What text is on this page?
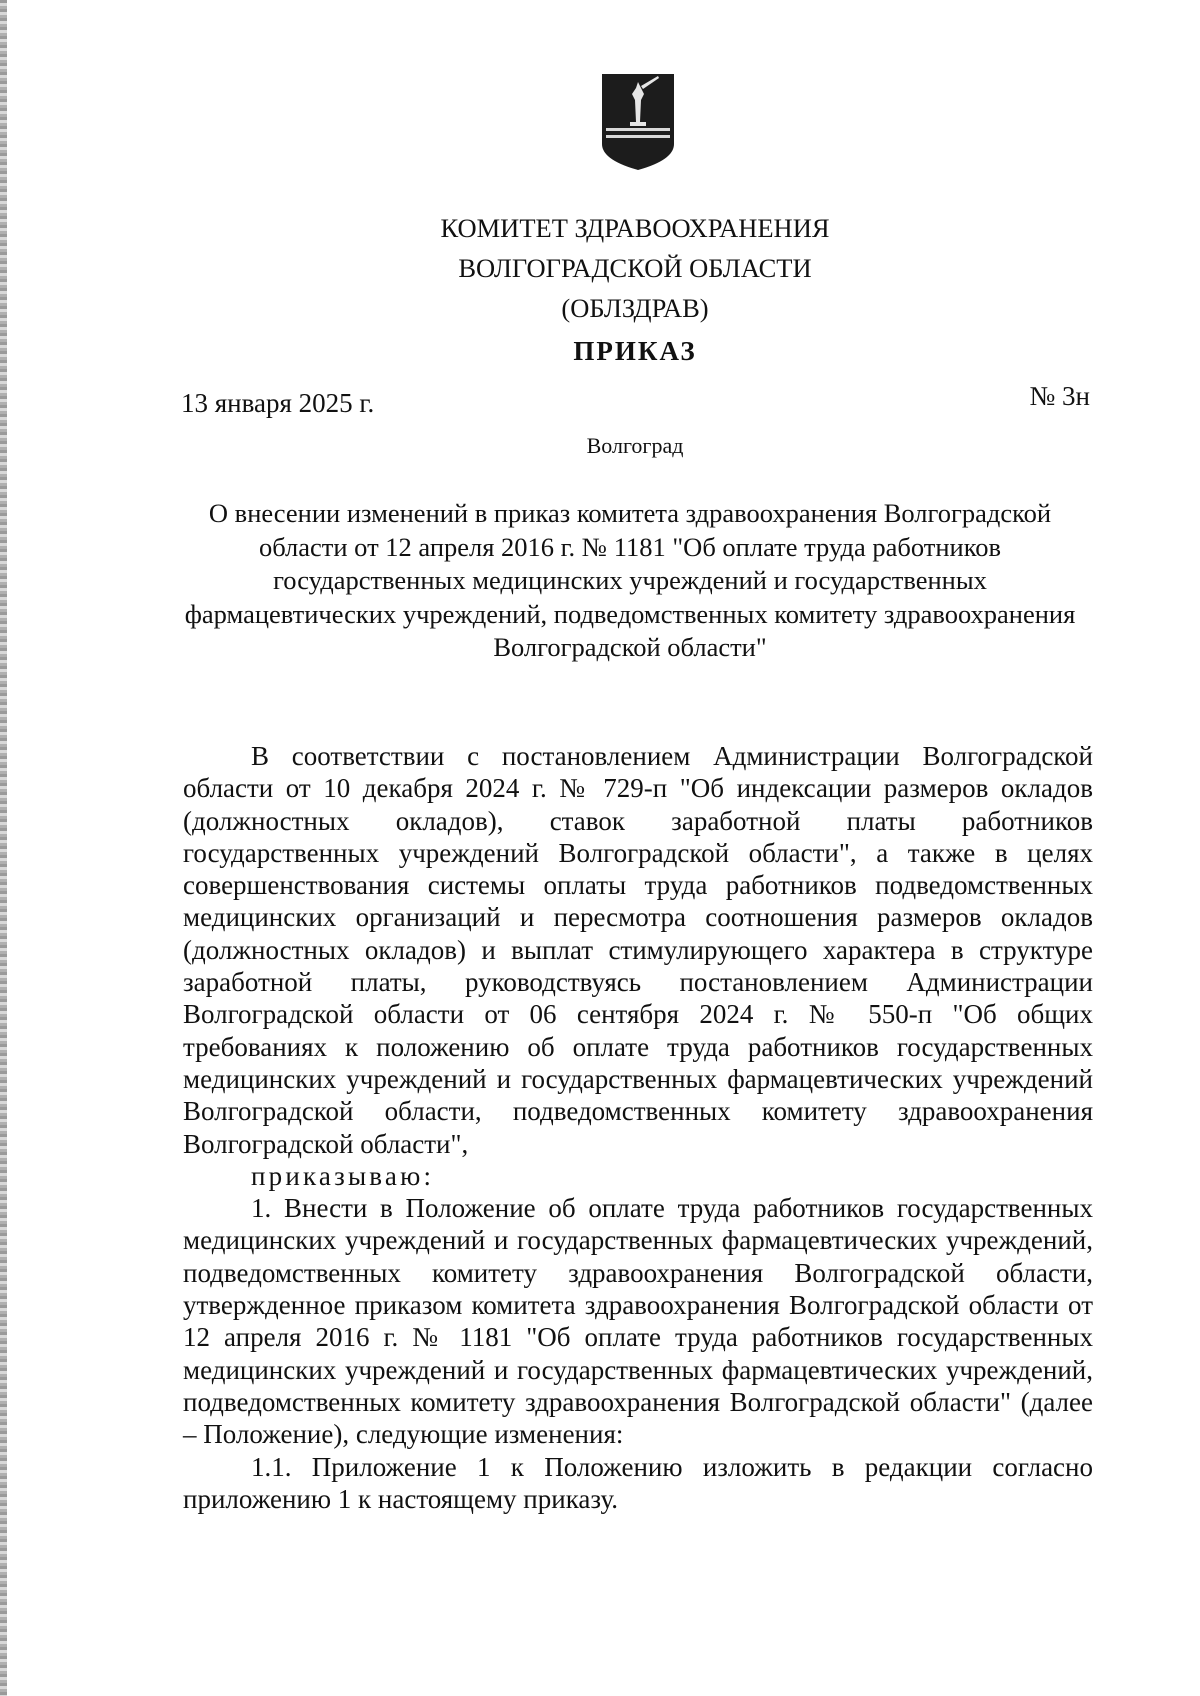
КОМИТЕТ ЗДРАВООХРАНЕНИЯ
ВОЛГОГРАДСКОЙ ОБЛАСТИ
(ОБЛЗДРАВ)
ПРИКАЗ
13 января 2025 г.	№ 3н
Волгоград
О внесении изменений в приказ комитета здравоохранения Волгоградской области от 12 апреля 2016 г. № 1181 "Об оплате труда работников государственных медицинских учреждений и государственных фармацевтических учреждений, подведомственных комитету здравоохранения Волгоградской области"

В соответствии с постановлением Администрации Волгоградской области от 10 декабря 2024 г. № 729-п "Об индексации размеров окладов (должностных окладов), ставок заработной платы работников государственных учреждений Волгоградской области", а также в целях совершенствования системы оплаты труда работников подведомственных медицинских организаций и пересмотра соотношения размеров окладов (должностных окладов) и выплат стимулирующего характера в структуре заработной платы, руководствуясь постановлением Администрации Волгоградской области от 06 сентября 2024 г. № 550-п "Об общих требованиях к положению об оплате труда работников государственных медицинских учреждений и государственных фармацевтических учреждений Волгоградской области, подведомственных комитету здравоохранения Волгоградской области",

приказываю:

1. Внести в Положение об оплате труда работников государственных медицинских учреждений и государственных фармацевтических учреждений, подведомственных комитету здравоохранения Волгоградской области, утвержденное приказом комитета здравоохранения Волгоградской области от 12 апреля 2016 г. № 1181 "Об оплате труда работников государственных медицинских учреждений и государственных фармацевтических учреждений, подведомственных комитету здравоохранения Волгоградской области" (далее – Положение), следующие изменения:

1.1. Приложение 1 к Положению изложить в редакции согласно приложению 1 к настоящему приказу.
